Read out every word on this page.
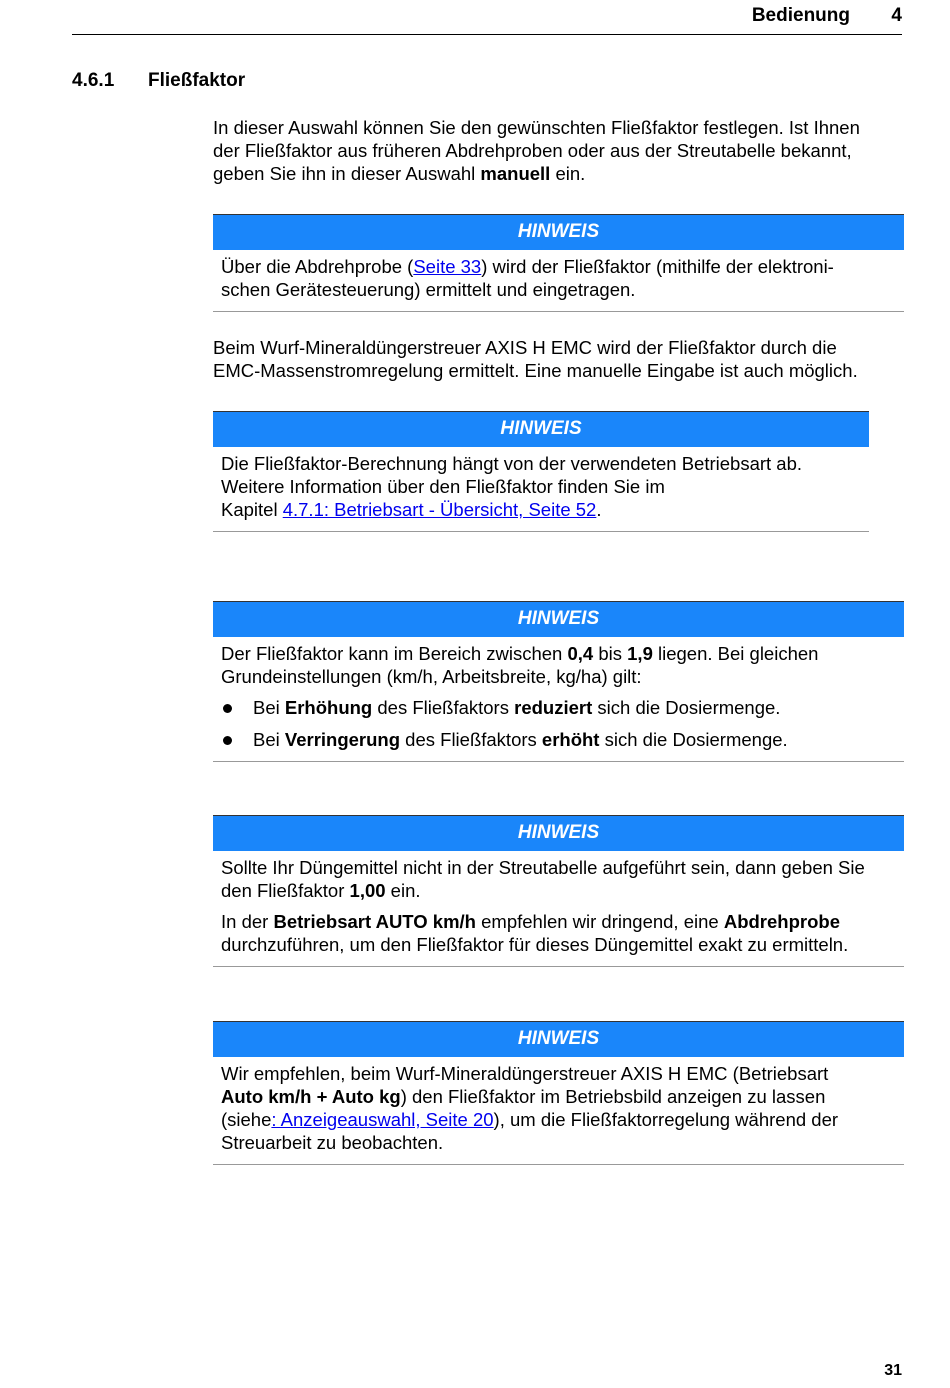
Bedienung 4
4.6.1 Fließfaktor

In dieser Auswahl können Sie den gewünschten Fließfaktor festlegen. Ist Ihnen
der Fließfaktor aus früheren Abdrehproben oder aus der Streutabelle bekannt,
geben Sie ihn in dieser Auswahl manuell ein.

HINWEIS

Über die Abdrehprobe (Seite 33) wird der Fließfaktor (mithilfe der elektroni-
schen Gerätesteuerung) ermittelt und eingetragen.

Beim Wurf-Mineraldüngerstreuer AXIS H EMC wird der Fließfaktor durch die
EMC-Massenstromregelung ermittelt. Eine manuelle Eingabe ist auch möglich.

HINWEIS

Die Fließfaktor-Berechnung hängt von der verwendeten Betriebsart ab.
Weitere Information über den Fließfaktor finden Sie im
Kapitel 4.7.1: Betriebsart - Übersicht, Seite 52.

HINWEIS

Der Fließfaktor kann im Bereich zwischen 0,4 bis 1,9 liegen. Bei gleichen
Grundeinstellungen (km/h, Arbeitsbreite, kg/ha) gilt:

Bei Erhöhung des Fließfaktors reduziert sich die Dosiermenge.
Bei Verringerung des Fließfaktors erhöht sich die Dosiermenge.
HINWEIS

Sollte Ihr Düngemittel nicht in der Streutabelle aufgeführt sein, dann geben Sie
den Fließfaktor 1,00 ein.

In der Betriebsart AUTO km/h empfehlen wir dringend, eine Abdrehprobe
durchzuführen, um den Fließfaktor für dieses Düngemittel exakt zu ermitteln.

HINWEIS

Wir empfehlen, beim Wurf-Mineraldüngerstreuer AXIS H EMC (Betriebsart
Auto km/h + Auto kg) den Fließfaktor im Betriebsbild anzeigen zu lassen
(siehe: Anzeigeauswahl, Seite 20), um die Fließfaktorregelung während der
Streuarbeit zu beobachten.

31
